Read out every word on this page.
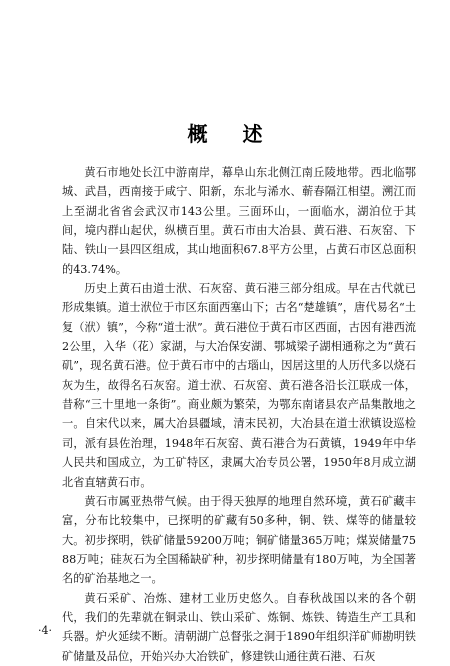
概 述

黄石市地处长江中游南岸，幕阜山东北侧江南丘陵地带。西北临鄂城、武昌，西南接于咸宁、阳新，东北与浠水、蕲春隔江相望。溯江而上至湖北省省会武汉市143公里。三面环山，一面临水，湖泊位于其间，境内群山起伏，纵横百里。黄石市由大冶县、黄石港、石灰窑、下陆、铁山一县四区组成，其山地面积67.8平方公里，占黄石市区总面积的43.74%。

历史上黄石由道士洑、石灰窑、黄石港三部分组成。早在古代就已形成集镇。道士洑位于市区东面西塞山下；古名“楚雄镇”，唐代易名“土复（洑）镇”，今称“道士洑”。黄石港位于黄石市区西面，古因有港西流2公里，入华（花）家湖，与大冶保安湖、鄂城梁子湖相通称之为“黄石矶”，现名黄石港。位于黄石市中的古瑙山，因居这里的人历代多以烧石灰为生，故得名石灰窑。道士洑、石灰窑、黄石港各沿长江联成一体，昔称“三十里地一条街”。商业颇为繁荣，为鄂东南诸县农产品集散地之一。自宋代以来，属大冶县疆域，清末民初，大冶县在道士洑镇设巡检司，派有县佐治理，1948年石灰窑、黄石港合为石黄镇，1949年中华人民共和国成立，为工矿特区，隶属大冶专员公署，1950年8月成立湖北省直辖黄石市。

黄石市属亚热带气候。由于得天独厚的地理自然环境，黄石矿藏丰富，分布比较集中，已探明的矿藏有50多种，铜、铁、煤等的储量较大。初步探明，铁矿储量59200万吨；铜矿储量365万吨；煤炭储量7588万吨；硅灰石为全国稀缺矿种，初步探明储量有180万吨，为全国著名的矿治基地之一。

黄石采矿、冶炼、建材工业历史悠久。自春秋战国以来的各个朝代，我们的先辈就在铜录山、铁山采矿、炼铜、炼铁、铸造生产工具和兵器。炉火延续不断。清朝湖广总督张之洞于1890年组织洋矿师勘明铁矿储量及品位，开始兴办大冶铁矿，修建铁山通往黄石港、石灰

·4·
